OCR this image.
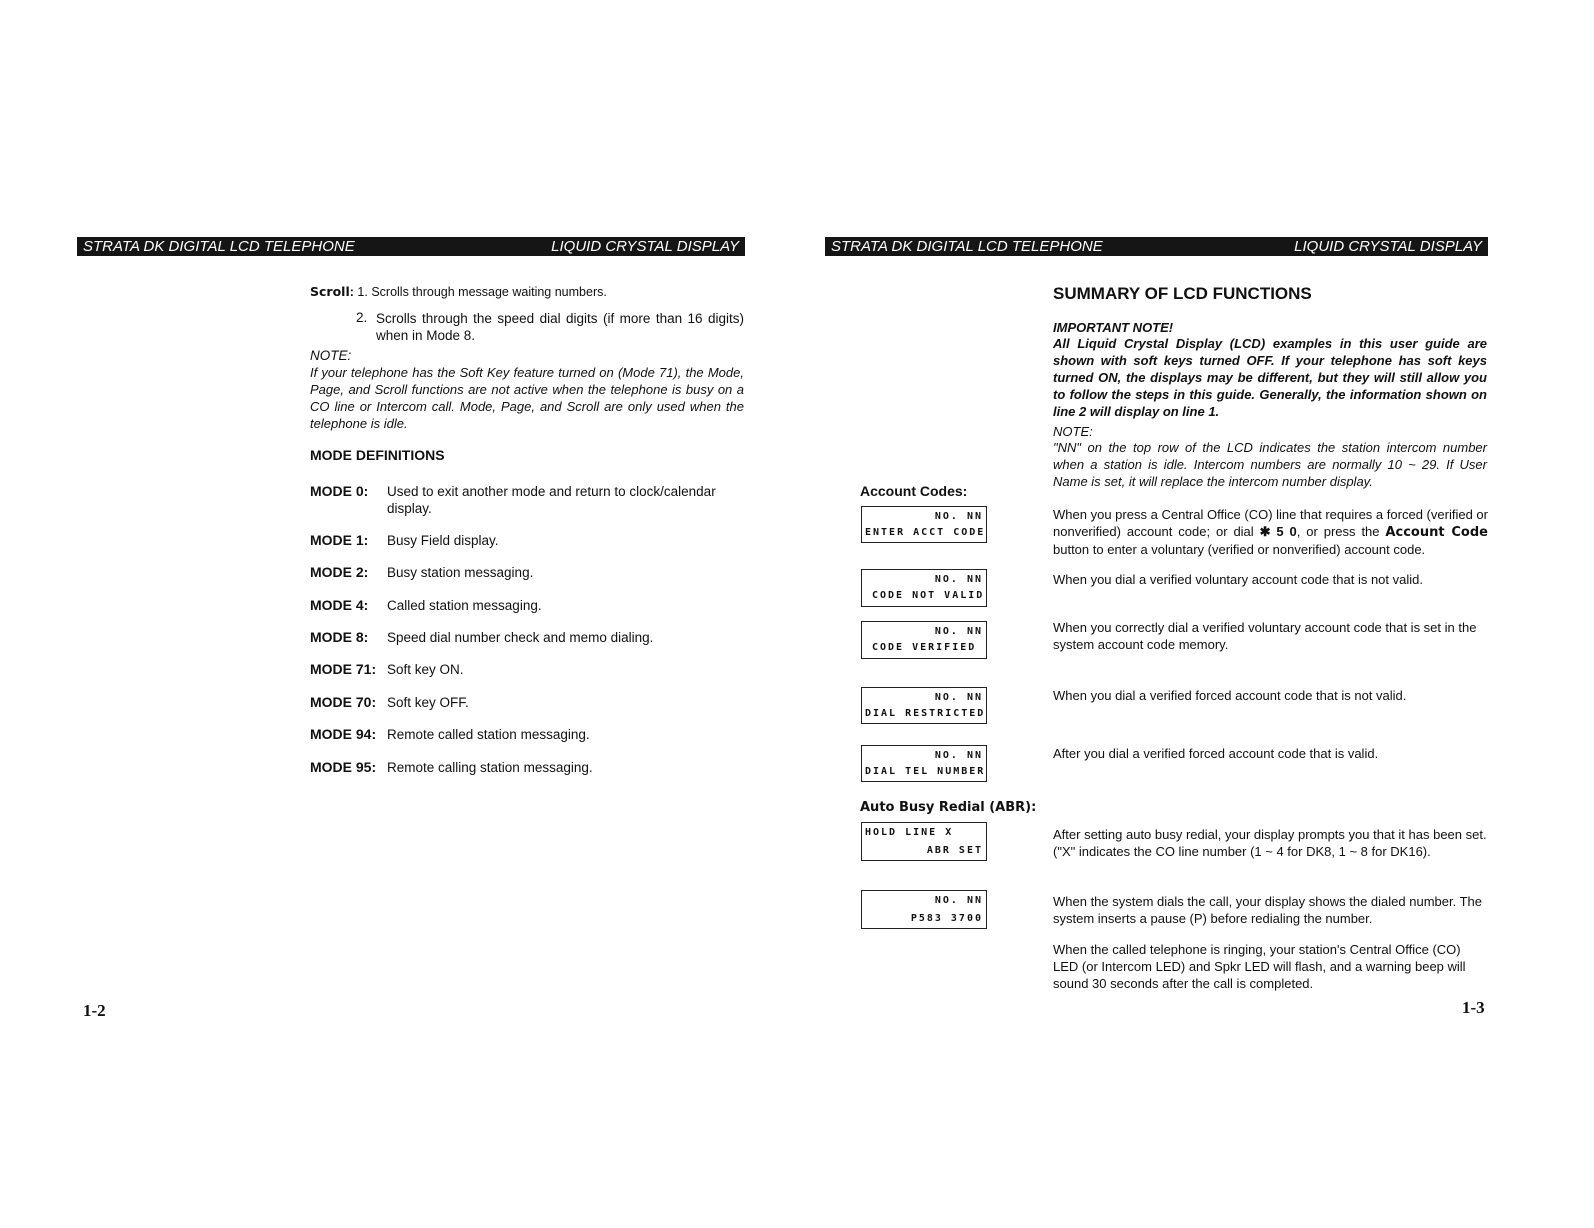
STRATA DK DIGITAL LCD TELEPHONE	LIQUID CRYSTAL DISPLAY
Scroll: 1. Scrolls through message waiting numbers.
2. Scrolls through the speed dial digits (if more than 16 digits) when in Mode 8.
NOTE:
If your telephone has the Soft Key feature turned on (Mode 71), the Mode, Page, and Scroll functions are not active when the telephone is busy on a CO line or Intercom call. Mode, Page, and Scroll are only used when the telephone is idle.
MODE DEFINITIONS
MODE 0: Used to exit another mode and return to clock/calendar display.
MODE 1: Busy Field display.
MODE 2: Busy station messaging.
MODE 4: Called station messaging.
MODE 8: Speed dial number check and memo dialing.
MODE 71: Soft key ON.
MODE 70: Soft key OFF.
MODE 94: Remote called station messaging.
MODE 95: Remote calling station messaging.
1-2
STRATA DK DIGITAL LCD TELEPHONE	LIQUID CRYSTAL DISPLAY
SUMMARY OF LCD FUNCTIONS
IMPORTANT NOTE!
All Liquid Crystal Display (LCD) examples in this user guide are shown with soft keys turned OFF. If your telephone has soft keys turned ON, the displays may be different, but they will still allow you to follow the steps in this guide. Generally, the information shown on line 2 will display on line 1.
NOTE:
"NN" on the top row of the LCD indicates the station intercom number when a station is idle. Intercom numbers are normally 10 ~ 29. If User Name is set, it will replace the intercom number display.
Account Codes:
NO. NN
ENTER ACCT CODE
When you press a Central Office (CO) line that requires a forced (verified or nonverified) account code; or dial ✱ 5 0, or press the Account Code button to enter a voluntary (verified or nonverified) account code.
NO. NN
CODE NOT VALID
When you dial a verified voluntary account code that is not valid.
NO. NN
CODE VERIFIED
When you correctly dial a verified voluntary account code that is set in the system account code memory.
NO. NN
DIAL RESTRICTED
When you dial a verified forced account code that is not valid.
NO. NN
DIAL TEL NUMBER
After you dial a verified forced account code that is valid.
Auto Busy Redial (ABR):
HOLD LINE X
ABR SET
After setting auto busy redial, your display prompts you that it has been set. ("X" indicates the CO line number (1 ~ 4 for DK8, 1 ~ 8 for DK16).
NO. NN
P583 3700
When the system dials the call, your display shows the dialed number. The system inserts a pause (P) before redialing the number.
When the called telephone is ringing, your station's Central Office (CO) LED (or Intercom LED) and Spkr LED will flash, and a warning beep will sound 30 seconds after the call is completed.
1-3
